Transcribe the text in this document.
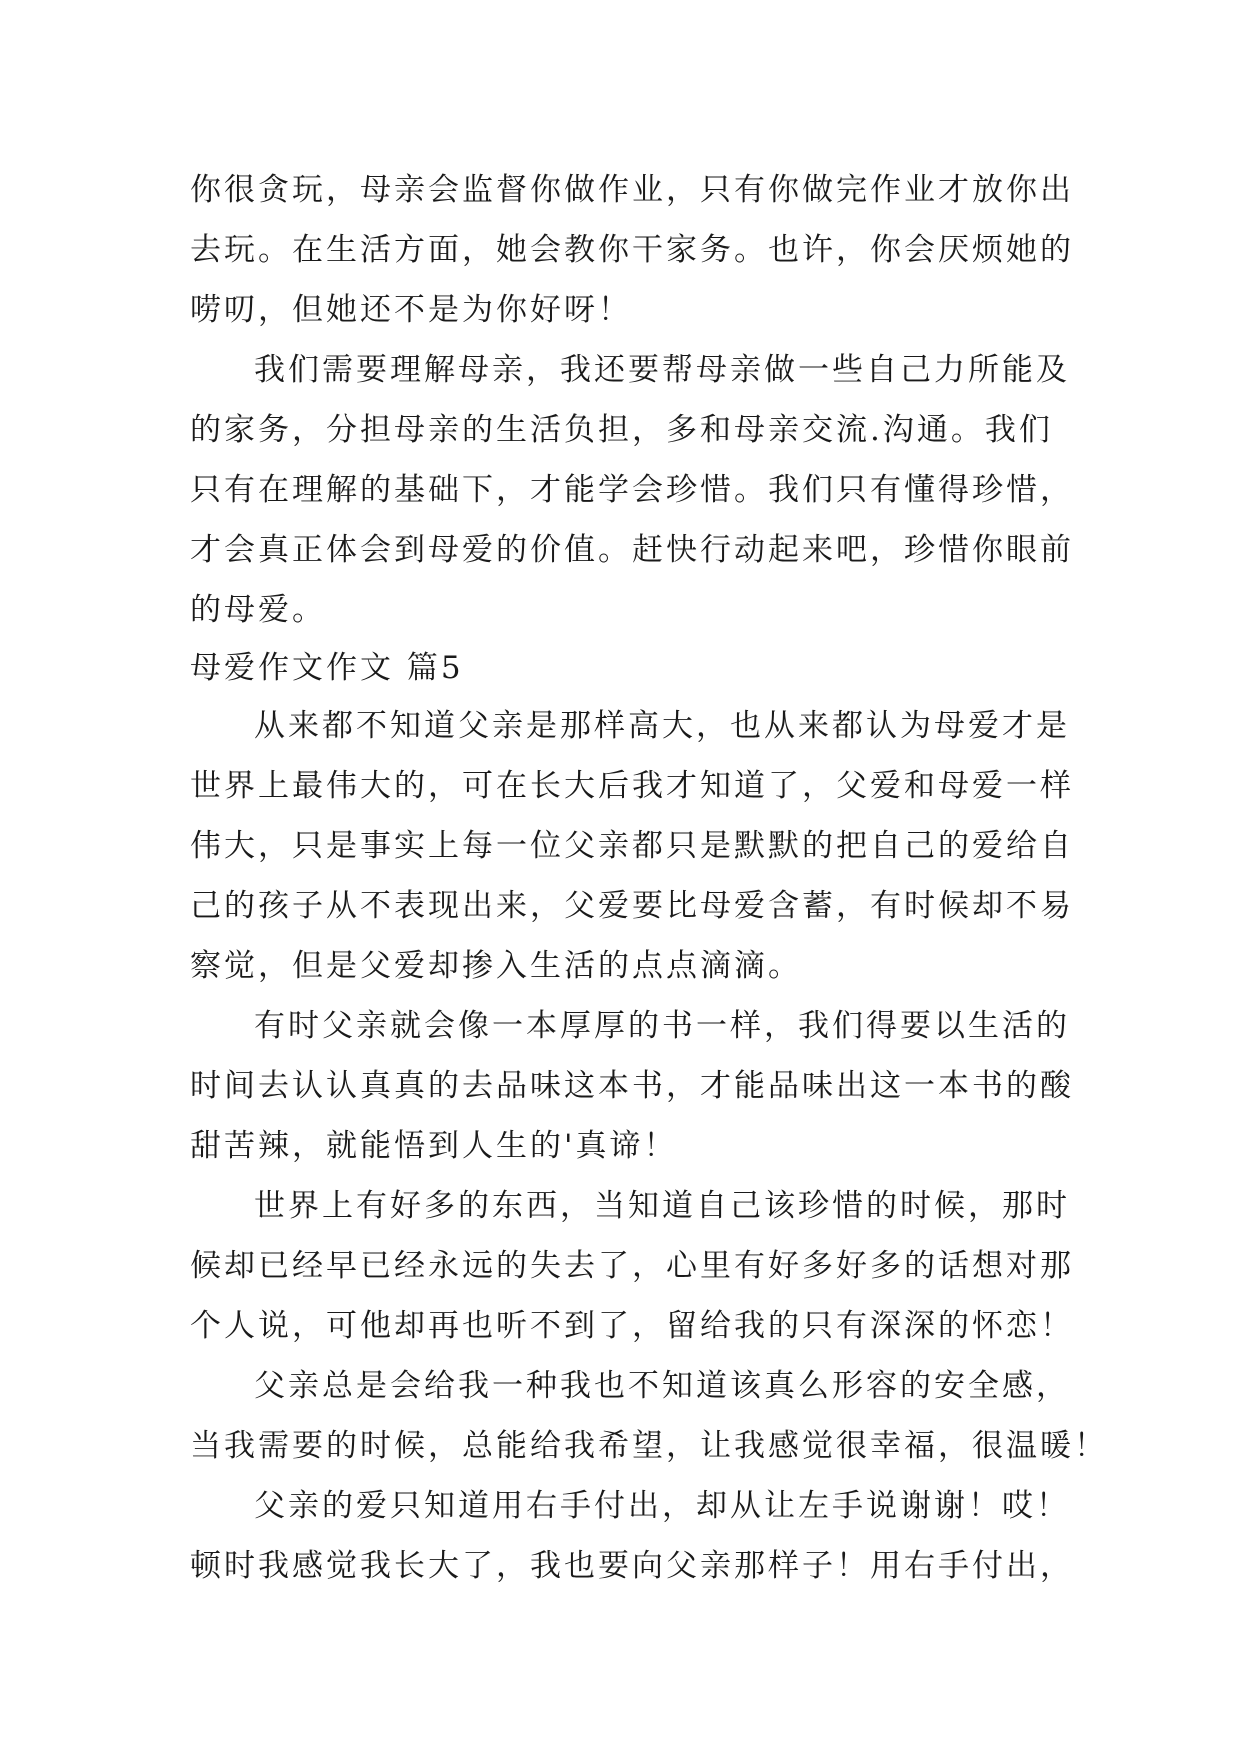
你很贪玩，母亲会监督你做作业，只有你做完作业才放你出
去玩。在生活方面，她会教你干家务。也许，你会厌烦她的
唠叨，但她还不是为你好呀！
我们需要理解母亲，我还要帮母亲做一些自己力所能及
的家务，分担母亲的生活负担，多和母亲交流.沟通。我们
只有在理解的基础下，才能学会珍惜。我们只有懂得珍惜，
才会真正体会到母爱的价值。赶快行动起来吧，珍惜你眼前
的母爱。
母爱作文作文 篇5
从来都不知道父亲是那样高大，也从来都认为母爱才是
世界上最伟大的，可在长大后我才知道了，父爱和母爱一样
伟大，只是事实上每一位父亲都只是默默的把自己的爱给自
己的孩子从不表现出来，父爱要比母爱含蓄，有时候却不易
察觉，但是父爱却掺入生活的点点滴滴。
有时父亲就会像一本厚厚的书一样，我们得要以生活的
时间去认认真真的去品味这本书，才能品味出这一本书的酸
甜苦辣，就能悟到人生的'真谛！
世界上有好多的东西，当知道自己该珍惜的时候，那时
候却已经早已经永远的失去了，心里有好多好多的话想对那
个人说，可他却再也听不到了，留给我的只有深深的怀恋！
父亲总是会给我一种我也不知道该真么形容的安全感，
当我需要的时候，总能给我希望，让我感觉很幸福，很温暖！
父亲的爱只知道用右手付出，却从让左手说谢谢！哎！
顿时我感觉我长大了，我也要向父亲那样子！用右手付出，
